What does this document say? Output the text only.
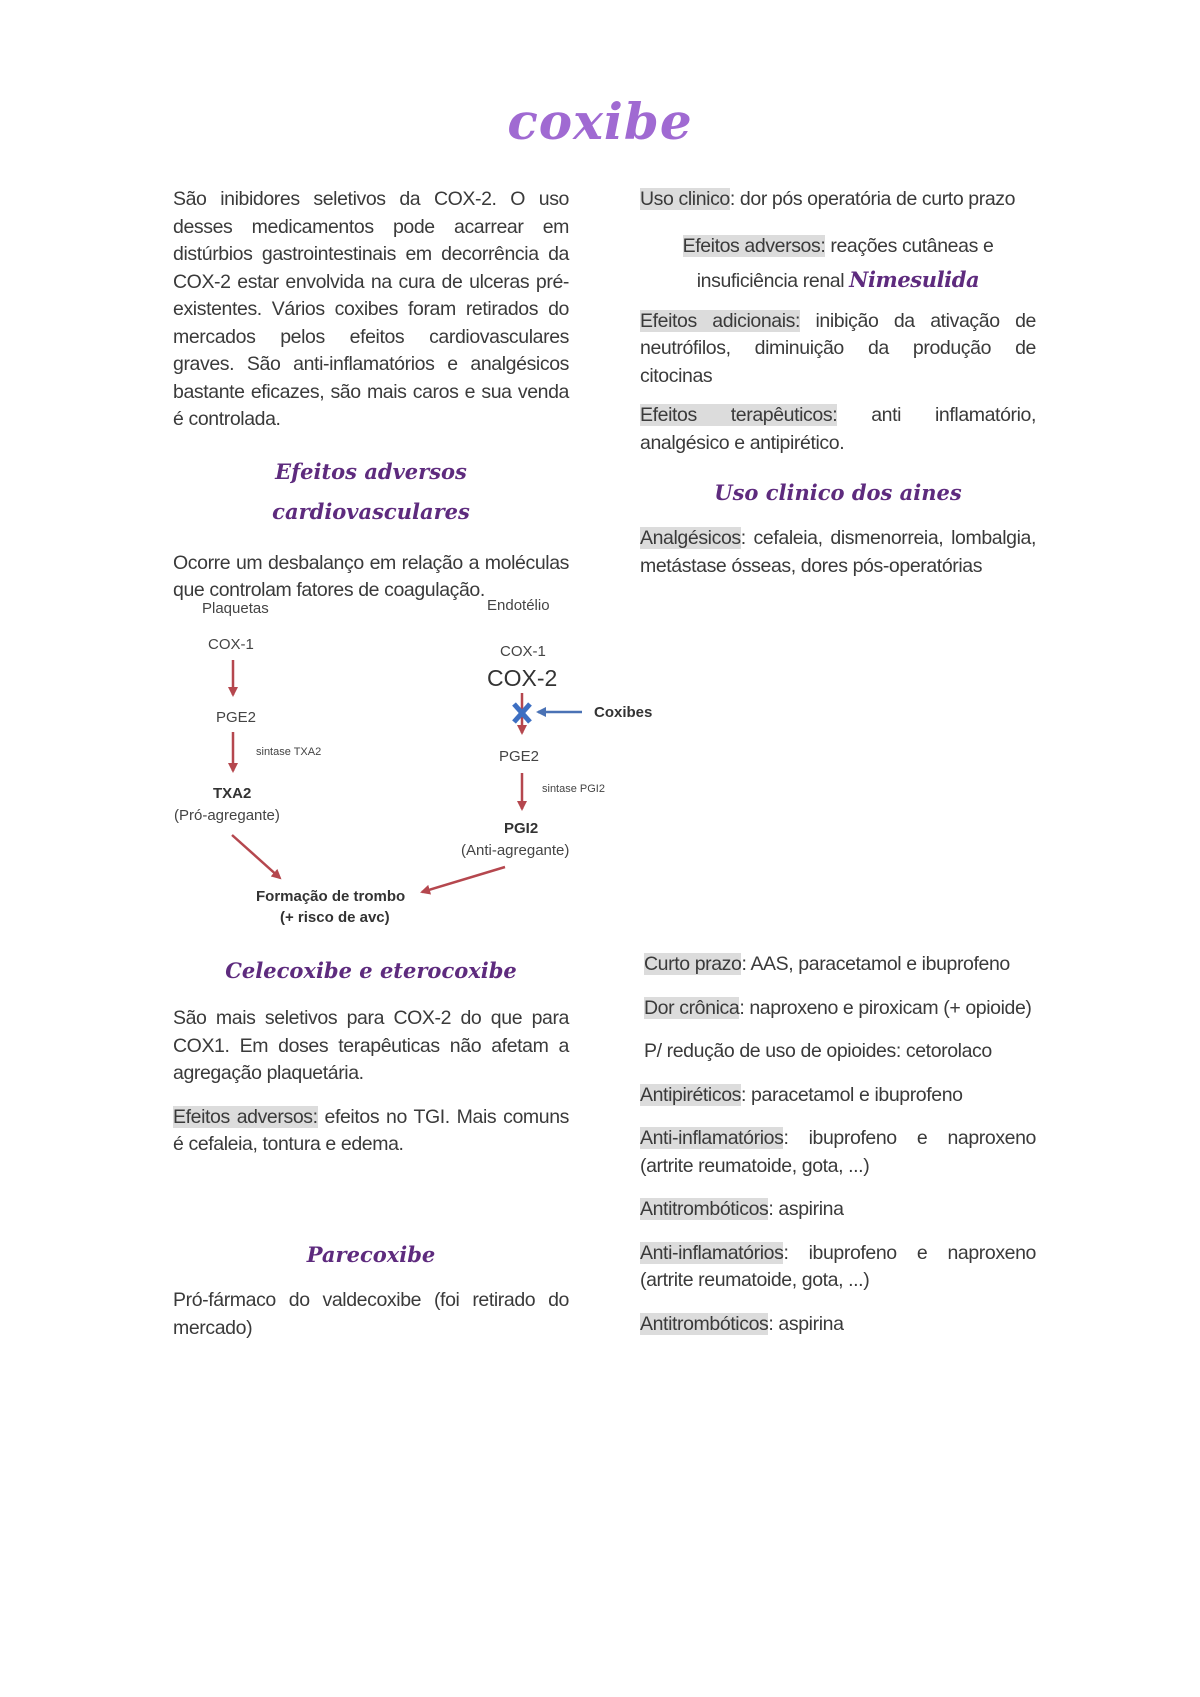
coxibe

São inibidores seletivos da COX-2. O uso desses medicamentos pode acarrear em distúrbios gastrointestinais em decorrência da COX-2 estar envolvida na cura de ulceras pré-existentes. Vários coxibes foram retirados do mercados pelos efeitos cardiovasculares graves. São anti-inflamatórios e analgésicos bastante eficazes, são mais caros e sua venda é controlada.

Efeitos adversos

cardiovasculares

Ocorre um desbalanço em relação a moléculas que controlam fatores de coagulação.

Plaquetas	Endotélio
COX-1
PGE2
sintase TXA2
TXA2
(Pró-agregante)
COX-1
COX-2
Coxibes
PGE2
sintase PGI2
PGI2
(Anti-agregante)
Formação de trombo
(+ risco de avc)

Celecoxibe e eterocoxibe

São mais seletivos para COX-2 do que para COX1. Em doses terapêuticas não afetam a agregação plaquetária.

Efeitos adversos: efeitos no TGI. Mais comuns é cefaleia, tontura e edema.

Parecoxibe

Pró-fármaco do valdecoxibe (foi retirado do mercado)

Uso clinico: dor pós operatória de curto prazo

Efeitos adversos: reações cutâneas e
insuficiência renal Nimesulida

Efeitos adicionais: inibição da ativação de neutrófilos, diminuição da produção de citocinas

Efeitos terapêuticos: anti inflamatório, analgésico e antipirético.

Uso clinico dos aines

Analgésicos: cefaleia, dismenorreia, lombalgia, metástase ósseas, dores pós-operatórias

Curto prazo: AAS, paracetamol e ibuprofeno

Dor crônica: naproxeno e piroxicam (+ opioide)

P/ redução de uso de opioides: cetorolaco

Antipiréticos: paracetamol e ibuprofeno

Anti-inflamatórios: ibuprofeno e naproxeno (artrite reumatoide, gota, ...)

Antitrombóticos: aspirina

Anti-inflamatórios: ibuprofeno e naproxeno (artrite reumatoide, gota, ...)

Antitrombóticos: aspirina
